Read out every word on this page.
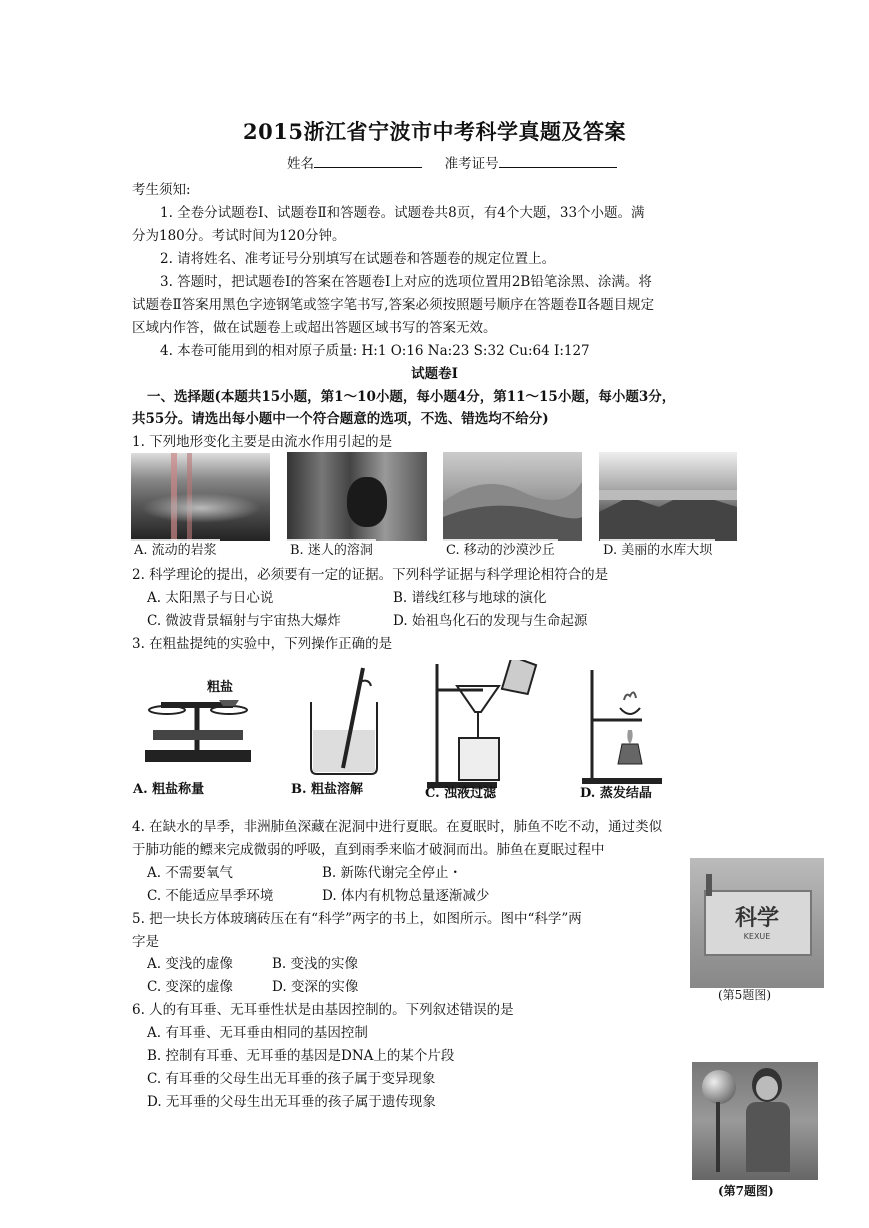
2015浙江省宁波市中考科学真题及答案
姓名	准考证号
考生须知:
1. 全卷分试题卷Ⅰ、试题卷Ⅱ和答题卷。试题卷共8页，有4个大题，33个小题。满
分为180分。考试时间为120分钟。
2. 请将姓名、准考证号分别填写在试题卷和答题卷的规定位置上。
3. 答题时，把试题卷Ⅰ的答案在答题卷Ⅰ上对应的选项位置用2B铅笔涂黑、涂满。将
试题卷Ⅱ答案用黑色字迹钢笔或签字笔书写,答案必须按照题号顺序在答题卷Ⅱ各题目规定
区域内作答，做在试题卷上或超出答题区域书写的答案无效。
4. 本卷可能用到的相对原子质量: H:1 O:16 Na:23 S:32 Cu:64 I:127
试题卷Ⅰ
一、选择题(本题共15小题，第1～10小题，每小题4分，第11～15小题，每小题3分，
共55分。请选出每小题中一个符合题意的选项，不选、错选均不给分)
1. 下列地形变化主要是由流水作用引起的是
A. 流动的岩浆	B. 迷人的溶洞	C. 移动的沙漠沙丘	D. 美丽的水库大坝
2. 科学理论的提出，必须要有一定的证据。下列科学证据与科学理论相符合的是
A. 太阳黑子与日心说	B. 谱线红移与地球的演化
C. 微波背景辐射与宇宙热大爆炸	D. 始祖鸟化石的发现与生命起源
3. 在粗盐提纯的实验中，下列操作正确的是
粗盐
A. 粗盐称量	B. 粗盐溶解	C. 浊液过滤	D. 蒸发结晶
4. 在缺水的旱季，非洲肺鱼深藏在泥洞中进行夏眠。在夏眠时，肺鱼不吃不动，通过类似
于肺功能的鳔来完成微弱的呼吸，直到雨季来临才破洞而出。肺鱼在夏眠过程中
A. 不需要氧气	B. 新陈代谢完全停止・
C. 不能适应旱季环境	D. 体内有机物总量逐渐减少
5. 把一块长方体玻璃砖压在有“科学”两字的书上，如图所示。图中“科学”两
字是
A. 变浅的虚像	B. 变浅的实像
C. 变深的虚像	D. 变深的实像
科学
KEXUE
(第5题图)
6. 人的有耳垂、无耳垂性状是由基因控制的。下列叙述错误的是
A. 有耳垂、无耳垂由相同的基因控制
B. 控制有耳垂、无耳垂的基因是DNA上的某个片段
C. 有耳垂的父母生出无耳垂的孩子属于变异现象
D. 无耳垂的父母生出无耳垂的孩子属于遗传现象
(第7题图)
